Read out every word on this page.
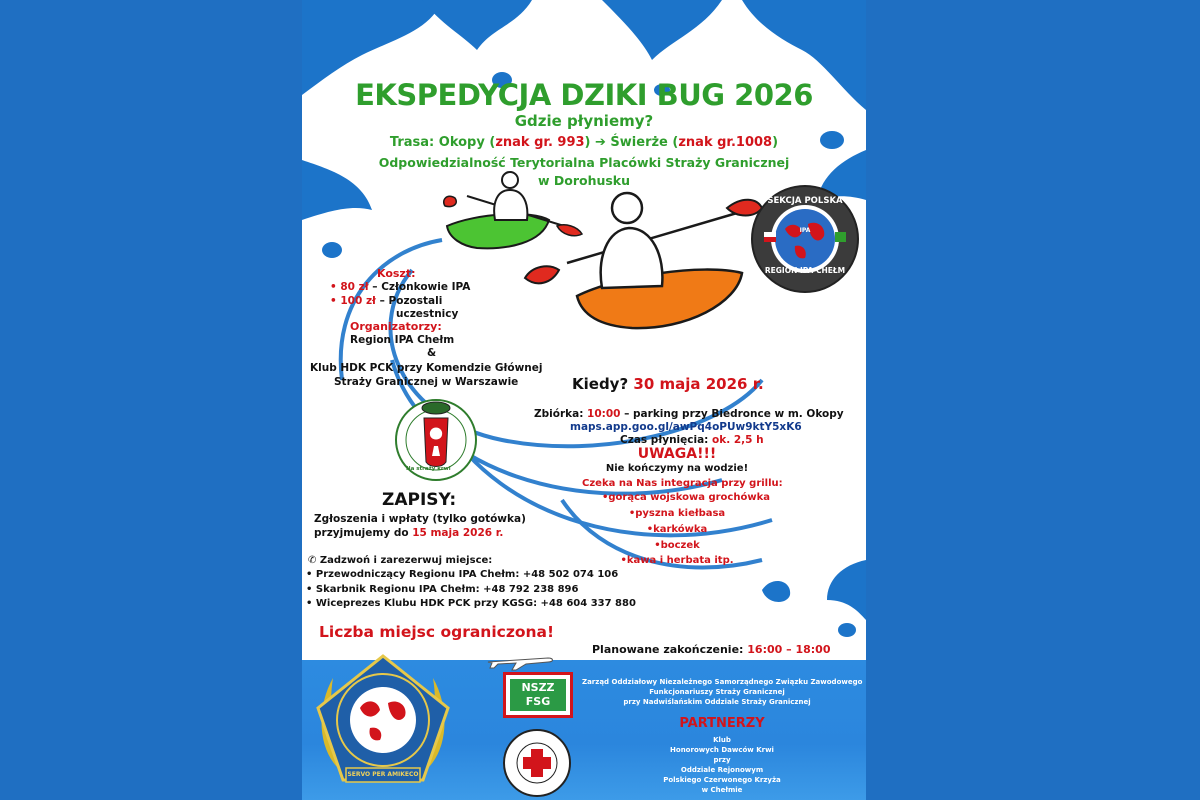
EKSPEDYCJA DZIKI BUG 2026
Gdzie płyniemy?
Trasa: Okopy (znak gr. 993) ➔ Świerże (znak gr.1008)
Odpowiedzialność Terytorialna Placówki Straży Granicznej
w Dorohusku
SEKCJA POLSKA
IPA
REGION IPA CHEŁM
Koszt:
• 80 zł – Członkowie IPA
• 100 zł – Pozostali
uczestnicy
Organizatorzy:
Region IPA Chełm
&
Klub HDK PCK przy Komendzie Głównej
Straży Granicznej w Warszawie
Na straży krwi
Kiedy? 30 maja 2026 r.
Zbiórka: 10:00 – parking przy Biedronce w m. Okopy
maps.app.goo.gl/awPq4oPUw9ktY5xK6
Czas płynięcia: ok. 2,5 h
UWAGA!!!
Nie kończymy na wodzie!
Czeka na Nas integracja przy grillu:
•gorąca wojskowa grochówka
•pyszna kiełbasa
•karkówka
•boczek
•kawa i herbata itp.
ZAPISY:
Zgłoszenia i wpłaty (tylko gotówka)
przyjmujemy do 15 maja 2026 r.
✆ Zadzwoń i zarezerwuj miejsce:
• Przewodniczący Regionu IPA Chełm: +48 502 074 106
• Skarbnik Regionu IPA Chełm: +48 792 238 896
• Wiceprezes Klubu HDK PCK przy KGSG: +48 604 337 880
Liczba miejsc ograniczona!
Planowane zakończenie: 16:00 – 18:00
SERVO PER AMIKECO
NSZZ
FSG
Zarząd Oddziałowy Niezależnego Samorządnego Związku Zawodowego
Funkcjonariuszy Straży Granicznej
przy Nadwiślańskim Oddziale Straży Granicznej
PARTNERZY
Klub
Honorowych Dawców Krwi
przy
Oddziale Rejonowym
Polskiego Czerwonego Krzyża
w Chełmie
